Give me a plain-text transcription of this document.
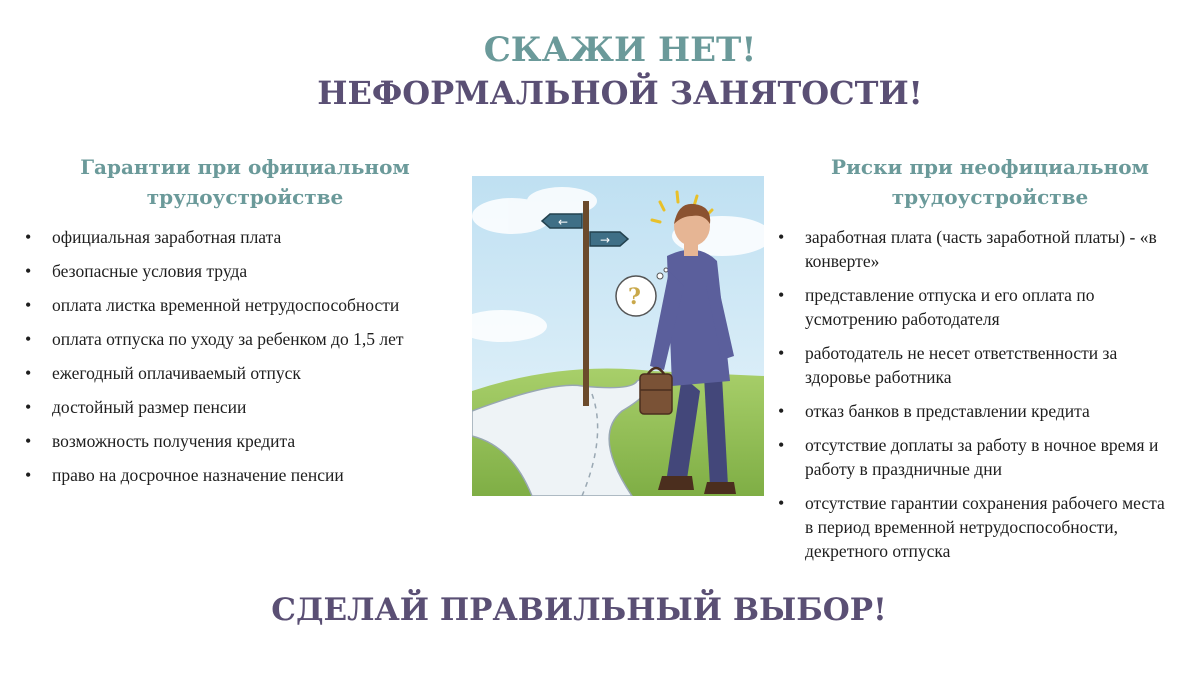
СКАЖИ НЕТ!
НЕФОРМАЛЬНОЙ ЗАНЯТОСТИ!
Гарантии при официальном
трудоустройстве
• официальная заработная плата
• безопасные условия труда
• оплата листка временной нетрудоспособности
• оплата отпуска по уходу за ребенком до 1,5 лет
• ежегодный оплачиваемый отпуск
• достойный размер пенсии
• возможность получения кредита
• право на досрочное назначение пенсии
←
→
?
Риски при неофициальном
трудоустройстве
• заработная плата (часть заработной платы) - «в конверте»
• представление отпуска и его оплата по усмотрению работодателя
• работодатель не несет ответственности за здоровье работника
• отказ банков в представлении кредита
• отсутствие доплаты за работу в ночное время и работу в праздничные дни
• отсутствие гарантии сохранения рабочего места в период временной нетрудоспособности, декретного отпуска
СДЕЛАЙ ПРАВИЛЬНЫЙ ВЫБОР!
